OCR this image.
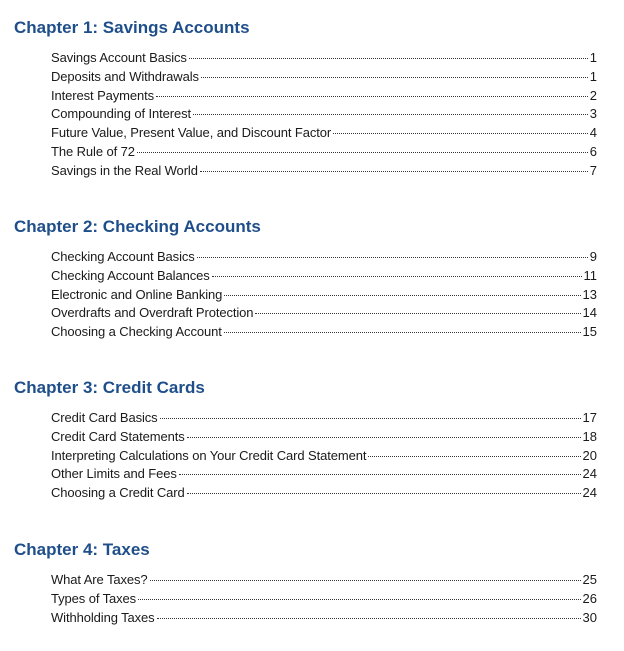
Chapter 1: Savings Accounts
Savings Account Basics	1
Deposits and Withdrawals	1
Interest Payments	2
Compounding of Interest	3
Future Value, Present Value, and Discount Factor	4
The Rule of 72	6
Savings in the Real World	7
Chapter 2: Checking Accounts
Checking Account Basics	9
Checking Account Balances	11
Electronic and Online Banking	13
Overdrafts and Overdraft Protection	14
Choosing a Checking Account	15
Chapter 3: Credit Cards
Credit Card Basics	17
Credit Card Statements	18
Interpreting Calculations on Your Credit Card Statement	20
Other Limits and Fees	24
Choosing a Credit Card	24
Chapter 4: Taxes
What Are Taxes?	25
Types of Taxes	26
Withholding Taxes	30
